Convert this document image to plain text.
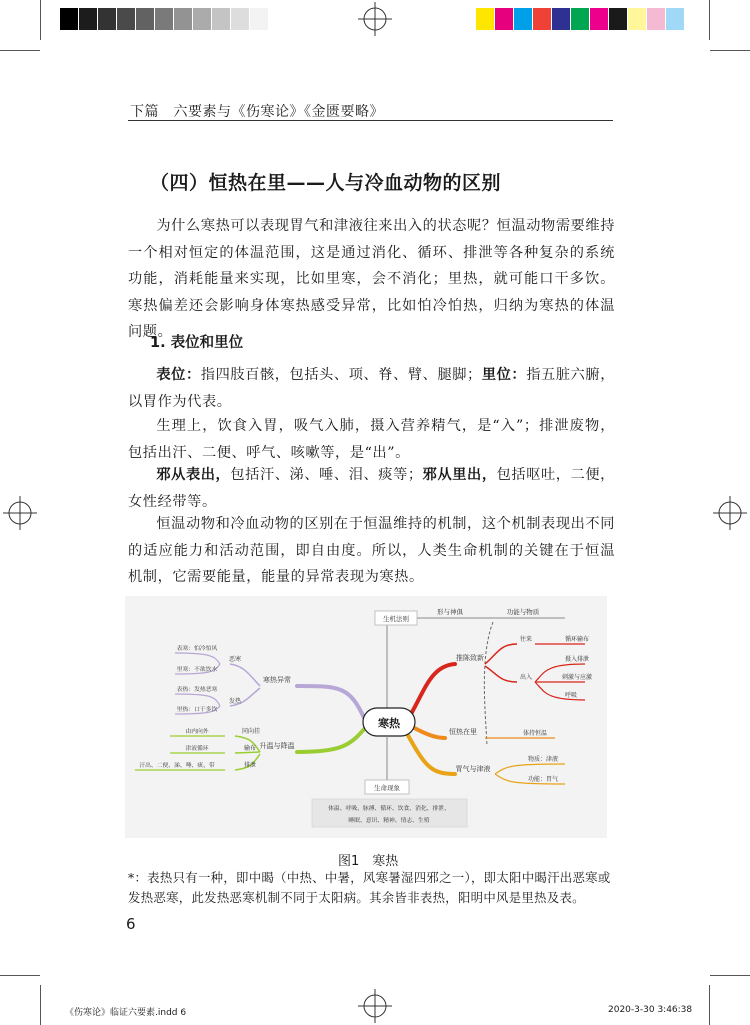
下篇　六要素与《伤寒论》《金匮要略》
（四）恒热在里——人与冷血动物的区别
为什么寒热可以表现胃气和津液往来出入的状态呢？恒温动物需要维持一个相对恒定的体温范围，这是通过消化、循环、排泄等各种复杂的系统功能，消耗能量来实现，比如里寒，会不消化；里热，就可能口干多饮。寒热偏差还会影响身体寒热感受异常，比如怕冷怕热，归纳为寒热的体温问题。
1. 表位和里位
表位：指四肢百骸，包括头、项、脊、臂、腿脚；里位：指五脏六腑，以胃作为代表。
生理上，饮食入胃，吸气入肺，摄入营养精气，是“入”；排泄废物，包括出汗、二便、呼气、咳嗽等，是“出”。
邪从表出，包括汗、涕、唾、泪、痰等；邪从里出，包括呕吐，二便，女性经带等。
恒温动物和冷血动物的区别在于恒温维持的机制，这个机制表现出不同的适应能力和活动范围，即自由度。所以，人类生命机制的关键在于恒温机制，它需要能量，能量的异常表现为寒热。
生机法则
形与神俱	功能与物质
推陈致新
往来
出入
循环输布
摄入排泄
刺激与应激
呼吸
恒热在里	体持恒温
胃气与津液
物质：津液
功能：胃气
寒热异常
恶寒
发热
表寒：怕冷怕风
里寒：不欲饮水
表热：发热恶寒
里热：口干多饮
升温与降温
同向挂
输布
排泄
由内向外
津液循环
汗出、二便、涕、唾、痰、带
寒热
生命现象
体温、呼吸、脉搏、循环、饮食、消化、排泄、
睡眠、意识、精神、情志、生殖
图1　寒热
*：表热只有一种，即中暍（中热、中暑，风寒暑湿四邪之一），即太阳中暍汗出恶寒或发热恶寒，此发热恶寒机制不同于太阳病。其余皆非表热，阳明中风是里热及表。
6
《伤寒论》临证六要素.indd 6	2020-3-30 3:46:38
